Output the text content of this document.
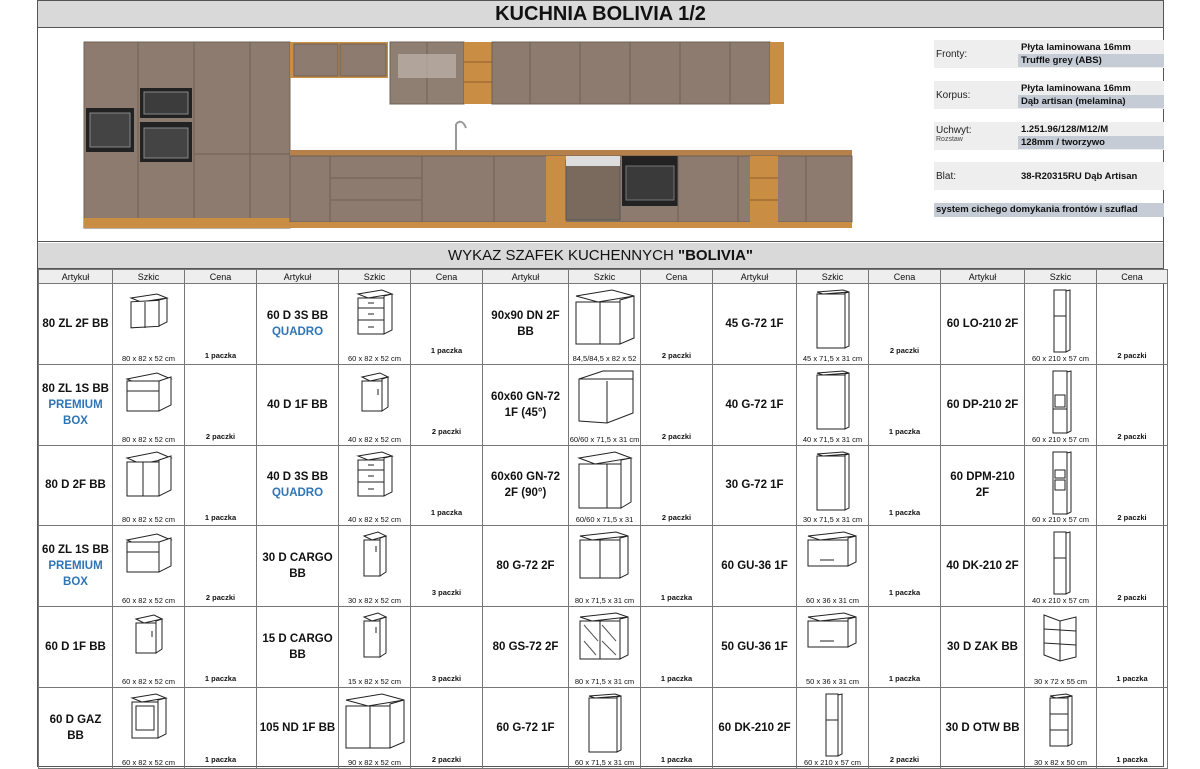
KUCHNIA BOLIVIA 1/2
Fronty:
Płyta laminowana 16mm
Truffle grey (ABS)
Korpus:
Płyta laminowana 16mm
Dąb artisan (melamina)
Uchwyt:
Rozstaw
1.251.96/128/M12/M
128mm / tworzywo
Blat:	38-R20315RU Dąb Artisan
system cichego domykania frontów i szuflad
WYKAZ SZAFEK KUCHENNYCH "BOLIVIA"
Artykuł	Szkic	Cena	Artykuł	Szkic	Cena	Artykuł	Szkic	Cena	Artykuł	Szkic	Cena	Artykuł	Szkic	Cena
80 ZL 2F BB	80 x 82 x 52 cm	1 paczka	60 D 3S BB
QUADRO	60 x 82 x 52 cm	1 paczka	90x90 DN 2F BB	84,5/84,5 x 82 x 52	2 paczki	45 G-72 1F	45 x 71,5 x 31 cm	2 paczki	60 LO-210 2F	60 x 210 x 57 cm	2 paczki

80 ZL 1S BB
PREMIUM BOX	80 x 82 x 52 cm	2 paczki	40 D 1F BB	40 x 82 x 52 cm	2 paczki	60x60 GN-72 1F (45°)	60/60 x 71,5 x 31 cm	2 paczki	40 G-72 1F	40 x 71,5 x 31 cm	1 paczka	60 DP-210 2F	60 x 210 x 57 cm	2 paczki

80 D 2F BB	80 x 82 x 52 cm	1 paczka	40 D 3S BB
QUADRO	40 x 82 x 52 cm	1 paczka	60x60 GN-72 2F (90°)	60/60 x 71,5 x 31	2 paczki	30 G-72 1F	30 x 71,5 x 31 cm	1 paczka	60 DPM-210 2F	60 x 210 x 57 cm	2 paczki

60 ZL 1S BB
PREMIUM BOX	60 x 82 x 52 cm	2 paczki	30 D CARGO BB	30 x 82 x 52 cm	3 paczki	80 G-72 2F	80 x 71,5 x 31 cm	1 paczka	60 GU-36 1F	60 x 36 x 31 cm	1 paczka	40 DK-210 2F	40 x 210 x 57 cm	2 paczki

60 D 1F BB	60 x 82 x 52 cm	1 paczka	15 D CARGO BB	15 x 82 x 52 cm	3 paczki	80 GS-72 2F	80 x 71,5 x 31 cm	1 paczka	50 GU-36 1F	50 x 36 x 31 cm	1 paczka	30 D ZAK BB	30 x 72 x 55 cm	1 paczka

60 D GAZ BB	60 x 82 x 52 cm	1 paczka	105 ND 1F BB	90 x 82 x 52 cm	2 paczki	60 G-72 1F	60 x 71,5 x 31 cm	1 paczka	60 DK-210 2F	60 x 210 x 57 cm	2 paczki	30 D OTW BB	30 x 82 x 50 cm	1 paczka
